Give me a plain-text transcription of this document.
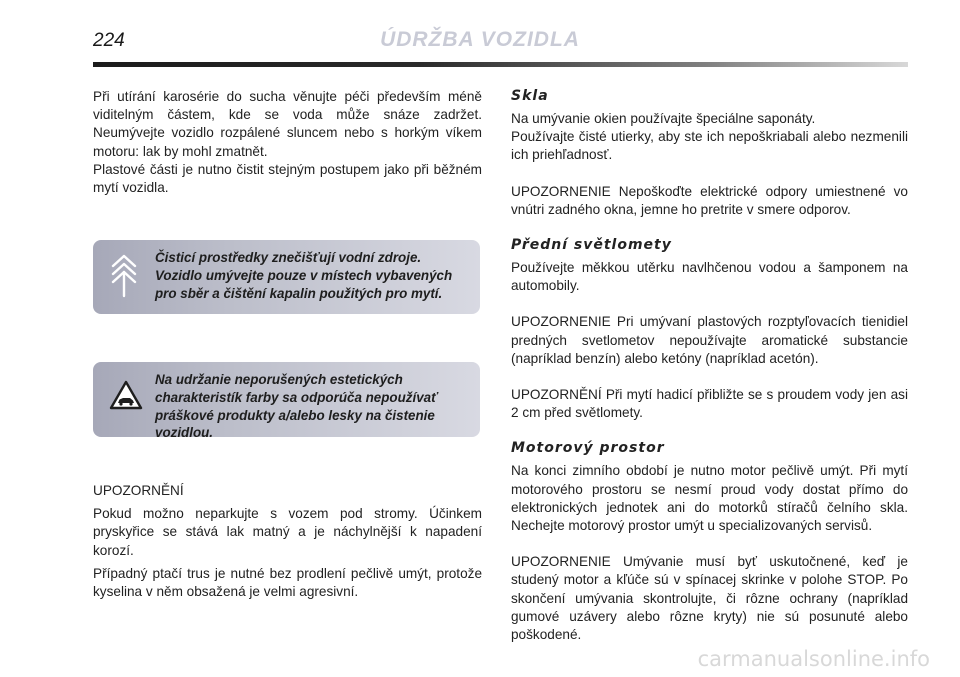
224	ÚDRŽBA VOZIDLA

Při utírání karosérie do sucha věnujte péči především méně viditelným částem, kde se voda může snáze zadržet. Neumývejte vozidlo rozpálené sluncem nebo s horkým víkem motoru: lak by mohl zmatnět.

Plastové části je nutno čistit stejným postupem jako při běžném mytí vozidla.

Čisticí prostředky znečišťují vodní zdroje. Vozidlo umývejte pouze v místech vybavených pro sběr a čištění kapalin použitých pro mytí.
Na udržanie neporušených estetických charakteristík farby sa odporúča nepoužívať práškové produkty a/alebo lesky na čistenie vozidlou.

UPOZORNĚNÍ

Pokud možno neparkujte s vozem pod stromy. Účinkem pryskyřice se stává lak matný a je náchylnější k napadení korozí.

Případný ptačí trus je nutné bez prodlení pečlivě umýt, protože kyselina v něm obsažená je velmi agresivní.

Skla

Na umývanie okien používajte špeciálne saponáty.
Používajte čisté utierky, aby ste ich nepoškriabali alebo nezmenili ich priehľadnosť.

UPOZORNENIE Nepoškoďte elektrické odpory umiestnené vo vnútri zadného okna, jemne ho pretrite v smere odporov.

Přední světlomety

Používejte měkkou utěrku navlhčenou vodou a šamponem na automobily.

UPOZORNENIE Pri umývaní plastových rozptyľovacích tienidiel predných svetlometov nepoužívajte aromatické substancie (napríklad benzín) alebo ketóny (napríklad acetón).

UPOZORNĚNÍ Při mytí hadicí přibližte se s proudem vody jen asi 2 cm před světlomety.

Motorový prostor

Na konci zimního období je nutno motor pečlivě umýt. Při mytí motorového prostoru se nesmí proud vody dostat přímo do elektronických jednotek ani do motorků stíračů čelního skla. Nechejte motorový prostor umýt u specializovaných servisů.

UPOZORNENIE Umývanie musí byť uskutočnené, keď je studený motor a kľúče sú v spínacej skrinke v polohe STOP. Po skončení umývania skontrolujte, či rôzne ochrany (napríklad gumové uzávery alebo rôzne kryty) nie sú posunuté alebo poškodené.

carmanualsonline.info
